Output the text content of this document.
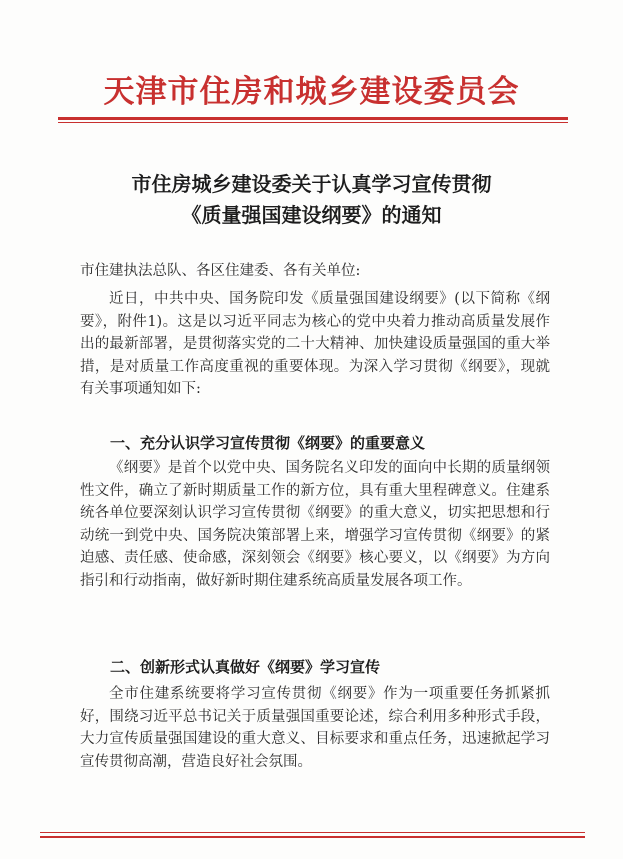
天津市住房和城乡建设委员会
市住房城乡建设委关于认真学习宣传贯彻
《质量强国建设纲要》的通知
市住建执法总队、各区住建委、各有关单位:
近日，中共中央、国务院印发《质量强国建设纲要》(以下简称《纲要》，附件1)。这是以习近平同志为核心的党中央着力推动高质量发展作出的最新部署，是贯彻落实党的二十大精神、加快建设质量强国的重大举措，是对质量工作高度重视的重要体现。为深入学习贯彻《纲要》，现就有关事项通知如下:
一、充分认识学习宣传贯彻《纲要》的重要意义
《纲要》是首个以党中央、国务院名义印发的面向中长期的质量纲领性文件，确立了新时期质量工作的新方位，具有重大里程碑意义。住建系统各单位要深刻认识学习宣传贯彻《纲要》的重大意义，切实把思想和行动统一到党中央、国务院决策部署上来，增强学习宣传贯彻《纲要》的紧迫感、责任感、使命感，深刻领会《纲要》核心要义，以《纲要》为方向指引和行动指南，做好新时期住建系统高质量发展各项工作。
二、创新形式认真做好《纲要》学习宣传
全市住建系统要将学习宣传贯彻《纲要》作为一项重要任务抓紧抓好，围绕习近平总书记关于质量强国重要论述，综合利用多种形式手段，大力宣传质量强国建设的重大意义、目标要求和重点任务，迅速掀起学习宣传贯彻高潮，营造良好社会氛围。
